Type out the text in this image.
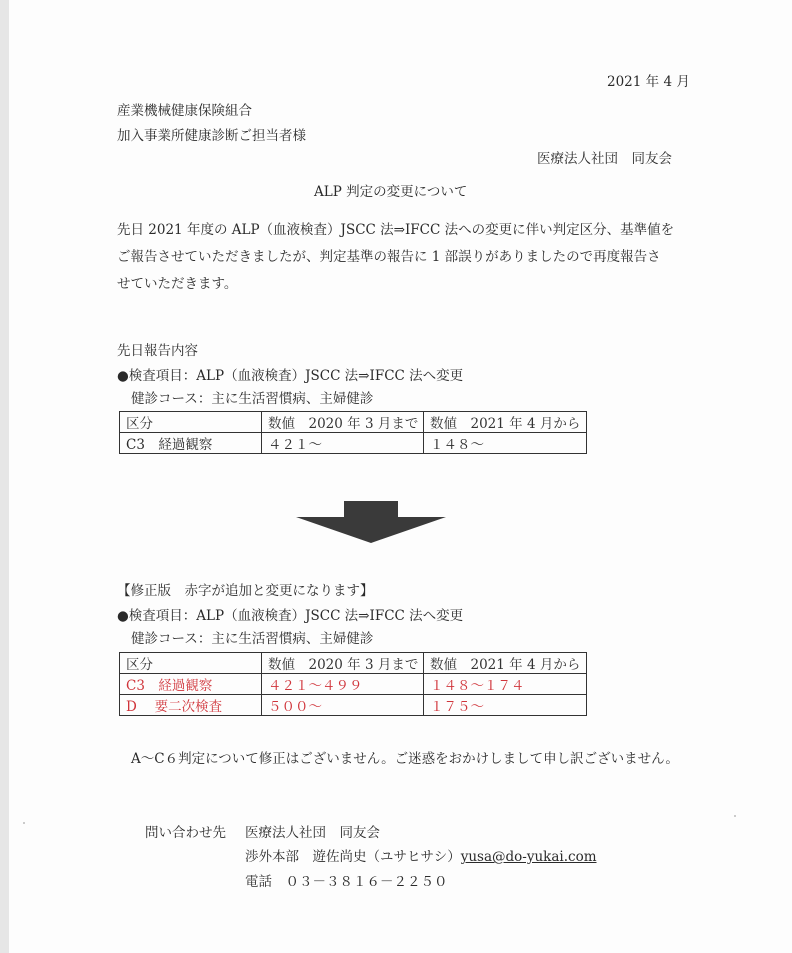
2021 年 4 月
産業機械健康保険組合
加入事業所健康診断ご担当者様
医療法人社団　同友会
ALP 判定の変更について

先日 2021 年度の ALP（血液検査）JSCC 法⇒IFCC 法への変更に伴い判定区分、基準値を

ご報告させていただきましたが、判定基準の報告に 1 部誤りがありましたので再度報告さ

せていただきます。

先日報告内容
●検査項目：ALP（血液検査）JSCC 法⇒IFCC 法へ変更
健診コース：主に生活習慣病、主婦健診
区分	数値　2020 年 3 月まで	数値　2021 年 4 月から
C3　経過観察	４２１～	１４８～
【修正版　赤字が追加と変更になります】
●検査項目：ALP（血液検査）JSCC 法⇒IFCC 法へ変更
健診コース：主に生活習慣病、主婦健診
区分	数値　2020 年 3 月まで	数値　2021 年 4 月から
C3　経過観察	４２１～４９９	１４８～１７４
D　 要二次検査	５００～	１７５～
A～C６判定について修正はございません。ご迷惑をおかけしまして申し訳ございません。
問い合わせ先 医療法人社団　同友会
渉外本部　遊佐尚史（ユサヒサシ）yusa@do-yukai.com
電話　０３－３８１６－２２５０
